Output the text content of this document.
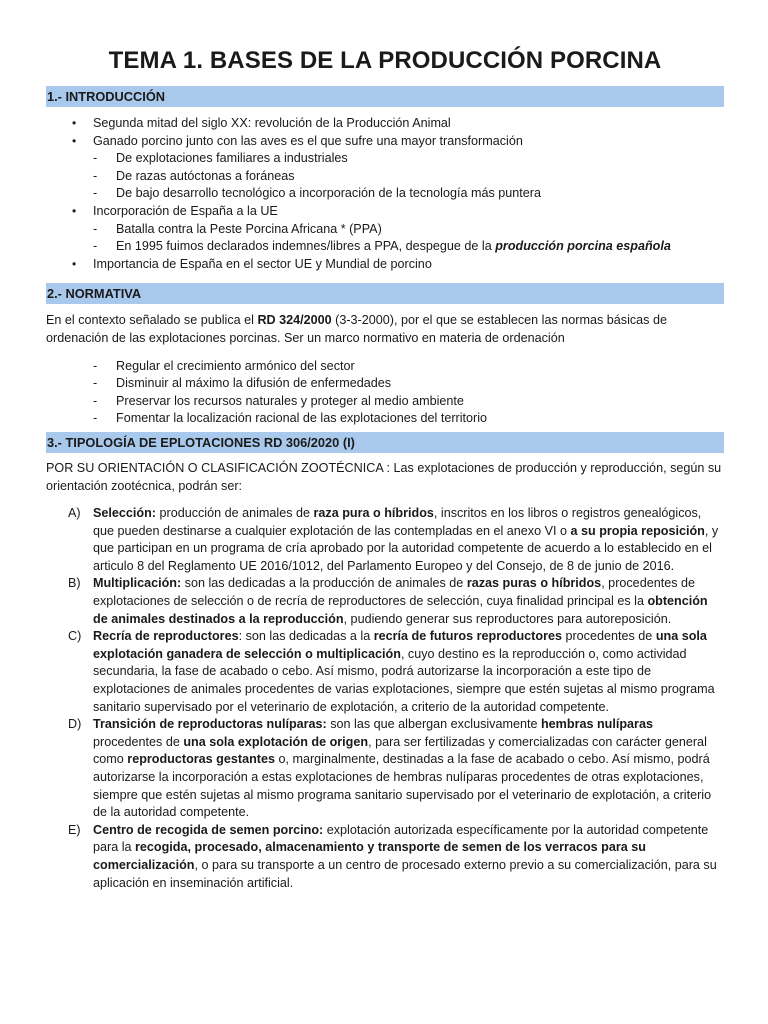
TEMA 1. BASES DE LA PRODUCCIÓN PORCINA
1.- INTRODUCCIÓN
• Segunda mitad del siglo XX: revolución de la Producción Animal
• Ganado porcino junto con las aves es el que sufre una mayor transformación
- De explotaciones familiares a industriales
- De razas autóctonas a foráneas
- De bajo desarrollo tecnológico a incorporación de la tecnología más puntera
• Incorporación de España a la UE
- Batalla contra la Peste Porcina Africana * (PPA)
- En 1995 fuimos declarados indemnes/libres a PPA, despegue de la producción porcina española
• Importancia de España en el sector UE y Mundial de porcino
2.- NORMATIVA

En el contexto señalado se publica el RD 324/2000 (3-3-2000), por el que se establecen las normas básicas de ordenación de las explotaciones porcinas. Ser un marco normativo en materia de ordenación

- Regular el crecimiento armónico del sector
- Disminuir al máximo la difusión de enfermedades
- Preservar los recursos naturales y proteger al medio ambiente
- Fomentar la localización racional de las explotaciones del territorio
3.- TIPOLOGÍA DE EPLOTACIONES RD 306/2020 (I)

POR SU ORIENTACIÓN O CLASIFICACIÓN ZOOTÉCNICA : Las explotaciones de producción y reproducción, según su orientación zootécnica, podrán ser:

A) Selección: producción de animales de raza pura o híbridos, inscritos en los libros o registros genealógicos, que pueden destinarse a cualquier explotación de las contempladas en el anexo VI o a su propia reposición, y que participan en un programa de cría aprobado por la autoridad competente de acuerdo a lo establecido en el articulo 8 del Reglamento UE 2016/1012, del Parlamento Europeo y del Consejo, de 8 de junio de 2016.
B) Multiplicación: son las dedicadas a la producción de animales de razas puras o híbridos, procedentes de explotaciones de selección o de recría de reproductores de selección, cuya finalidad principal es la obtención de animales destinados a la reproducción, pudiendo generar sus reproductores para autoreposición.
C) Recría de reproductores: son las dedicadas a la recría de futuros reproductores procedentes de una sola explotación ganadera de selección o multiplicación, cuyo destino es la reproducción o, como actividad secundaria, la fase de acabado o cebo. Así mismo, podrá autorizarse la incorporación a este tipo de explotaciones de animales procedentes de varias explotaciones, siempre que estén sujetas al mismo programa sanitario supervisado por el veterinario de explotación, a criterio de la autoridad competente.
D) Transición de reproductoras nulíparas: son las que albergan exclusivamente hembras nulíparas procedentes de una sola explotación de origen, para ser fertilizadas y comercializadas con carácter general como reproductoras gestantes o, marginalmente, destinadas a la fase de acabado o cebo. Así mismo, podrá autorizarse la incorporación a estas explotaciones de hembras nulíparas procedentes de otras explotaciones, siempre que estén sujetas al mismo programa sanitario supervisado por el veterinario de explotación, a criterio de la autoridad competente.
E) Centro de recogida de semen porcino: explotación autorizada específicamente por la autoridad competente para la recogida, procesado, almacenamiento y transporte de semen de los verracos para su comercialización, o para su transporte a un centro de procesado externo previo a su comercialización, para su aplicación en inseminación artificial.
